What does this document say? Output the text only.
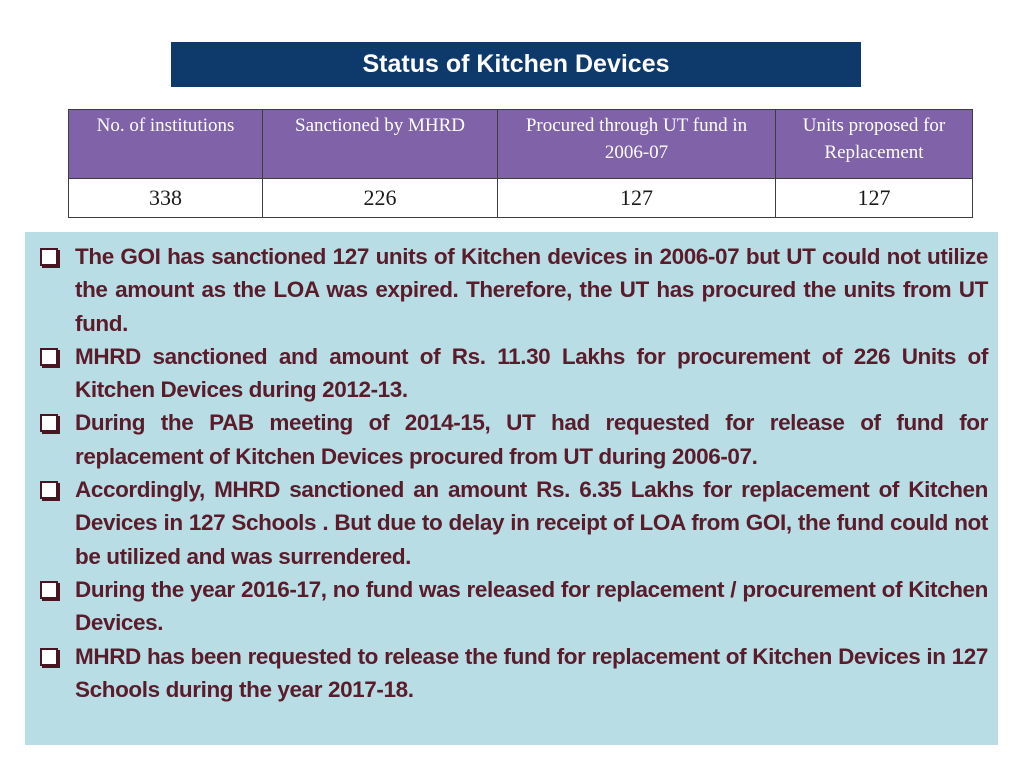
Status of Kitchen Devices
No. of institutions	Sanctioned by MHRD	Procured through UT fund in 2006-07	Units proposed for Replacement
338	226	127	127
The GOI has sanctioned 127 units of Kitchen devices in 2006-07 but UT could not utilize the amount as the LOA was expired. Therefore, the UT has procured the units from UT fund.
MHRD sanctioned and amount of Rs. 11.30 Lakhs for procurement of 226 Units of Kitchen Devices during 2012-13.
During the PAB meeting of 2014-15, UT had requested for release of fund for replacement of Kitchen Devices procured from UT during 2006-07.
Accordingly, MHRD sanctioned an amount Rs. 6.35 Lakhs for replacement of Kitchen Devices in 127 Schools . But due to delay in receipt of LOA from GOI, the fund could not be utilized and was surrendered.
During the year 2016-17, no fund was released for replacement / procurement of Kitchen Devices.
MHRD has been requested to release the fund for replacement of Kitchen Devices in 127 Schools during the year 2017-18.
